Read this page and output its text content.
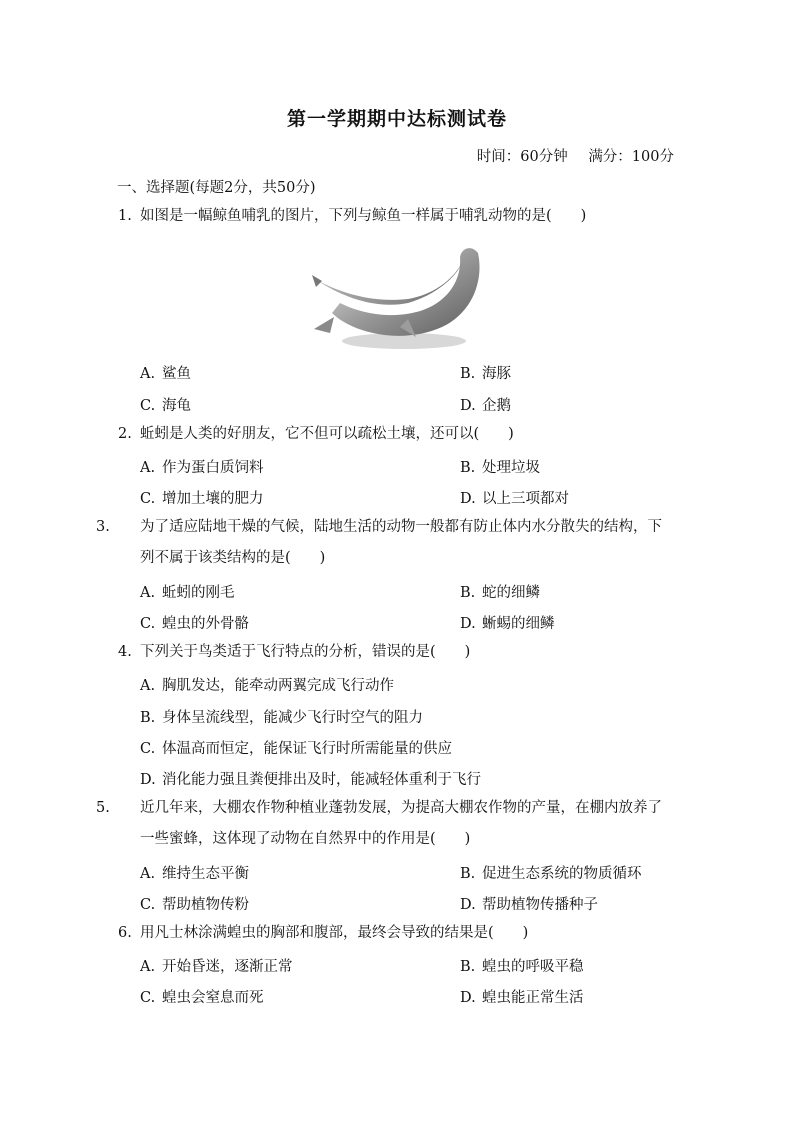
第一学期期中达标测试卷
时间：60分钟 满分：100分
一、选择题(每题2分，共50分)
1. 如图是一幅鲸鱼哺乳的图片，下列与鲸鱼一样属于哺乳动物的是(　　)
A. 鲨鱼	B. 海豚
C. 海龟	D. 企鹅
2. 蚯蚓是人类的好朋友，它不但可以疏松土壤，还可以(　　)
A. 作为蛋白质饲料	B. 处理垃圾
C. 增加土壤的肥力	D. 以上三项都对
3. 为了适应陆地干燥的气候，陆地生活的动物一般都有防止体内水分散失的结构，下列不属于该类结构的是(　　)
A. 蚯蚓的刚毛	B. 蛇的细鳞
C. 蝗虫的外骨骼	D. 蜥蜴的细鳞
4. 下列关于鸟类适于飞行特点的分析，错误的是(　　)
A. 胸肌发达，能牵动两翼完成飞行动作
B. 身体呈流线型，能减少飞行时空气的阻力
C. 体温高而恒定，能保证飞行时所需能量的供应
D. 消化能力强且粪便排出及时，能减轻体重利于飞行
5. 近几年来，大棚农作物种植业蓬勃发展，为提高大棚农作物的产量，在棚内放养了一些蜜蜂，这体现了动物在自然界中的作用是(　　)
A. 维持生态平衡	B. 促进生态系统的物质循环
C. 帮助植物传粉	D. 帮助植物传播种子
6. 用凡士林涂满蝗虫的胸部和腹部，最终会导致的结果是(　　)
A. 开始昏迷，逐渐正常	B. 蝗虫的呼吸平稳
C. 蝗虫会窒息而死	D. 蝗虫能正常生活
